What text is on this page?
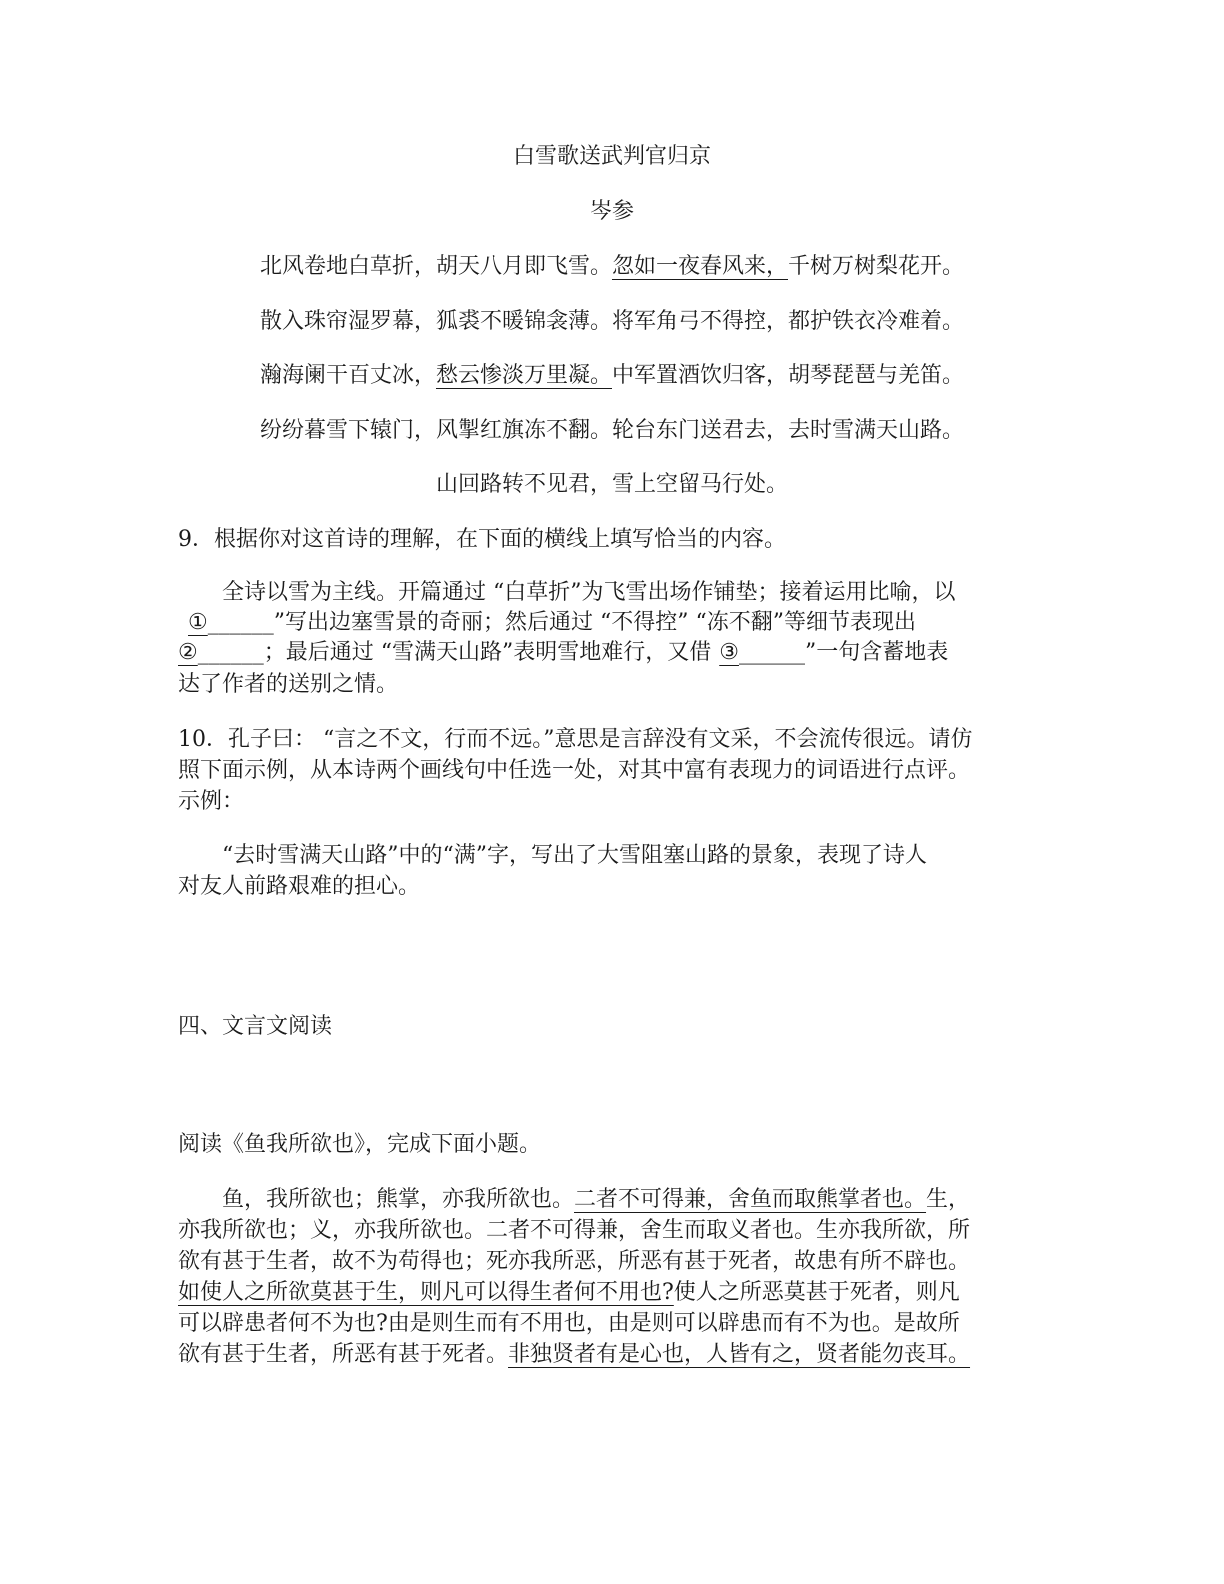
白雪歌送武判官归京
岑参
北风卷地白草折，胡天八月即飞雪。忽如一夜春风来，千树万树梨花开。
散入珠帘湿罗幕，狐裘不暖锦衾薄。将军角弓不得控，都护铁衣冷难着。
瀚海阑干百丈冰，愁云惨淡万里凝。中军置酒饮归客，胡琴琵琶与羌笛。
纷纷暮雪下辕门，风掣红旗冻不翻。轮台东门送君去，去时雪满天山路。
山回路转不见君，雪上空留马行处。
9．根据你对这首诗的理解，在下面的横线上填写恰当的内容。
全诗以雪为主线。开篇通过 “白草折”为飞雪出场作铺垫；接着运用比喻，以
①______”写出边塞雪景的奇丽；然后通过 “不得控” “冻不翻”等细节表现出
②______；最后通过 “雪满天山路”表明雪地难行，又借 ③______”一句含蓄地表
达了作者的送别之情。
10．孔子曰： “言之不文，行而不远。”意思是言辞没有文采，不会流传很远。请仿
照下面示例，从本诗两个画线句中任选一处，对其中富有表现力的词语进行点评。
示例：
“去时雪满天山路”中的“满”字，写出了大雪阻塞山路的景象，表现了诗人
对友人前路艰难的担心。
四、文言文阅读
阅读《鱼我所欲也》，完成下面小题。
鱼，我所欲也；熊掌，亦我所欲也。二者不可得兼，舍鱼而取熊掌者也。生，
亦我所欲也；义，亦我所欲也。二者不可得兼，舍生而取义者也。生亦我所欲，所
欲有甚于生者，故不为苟得也；死亦我所恶，所恶有甚于死者，故患有所不辟也。
如使人之所欲莫甚于生，则凡可以得生者何不用也?使人之所恶莫甚于死者，则凡
可以辟患者何不为也?由是则生而有不用也，由是则可以辟患而有不为也。是故所
欲有甚于生者，所恶有甚于死者。非独贤者有是心也，人皆有之，贤者能勿丧耳。
